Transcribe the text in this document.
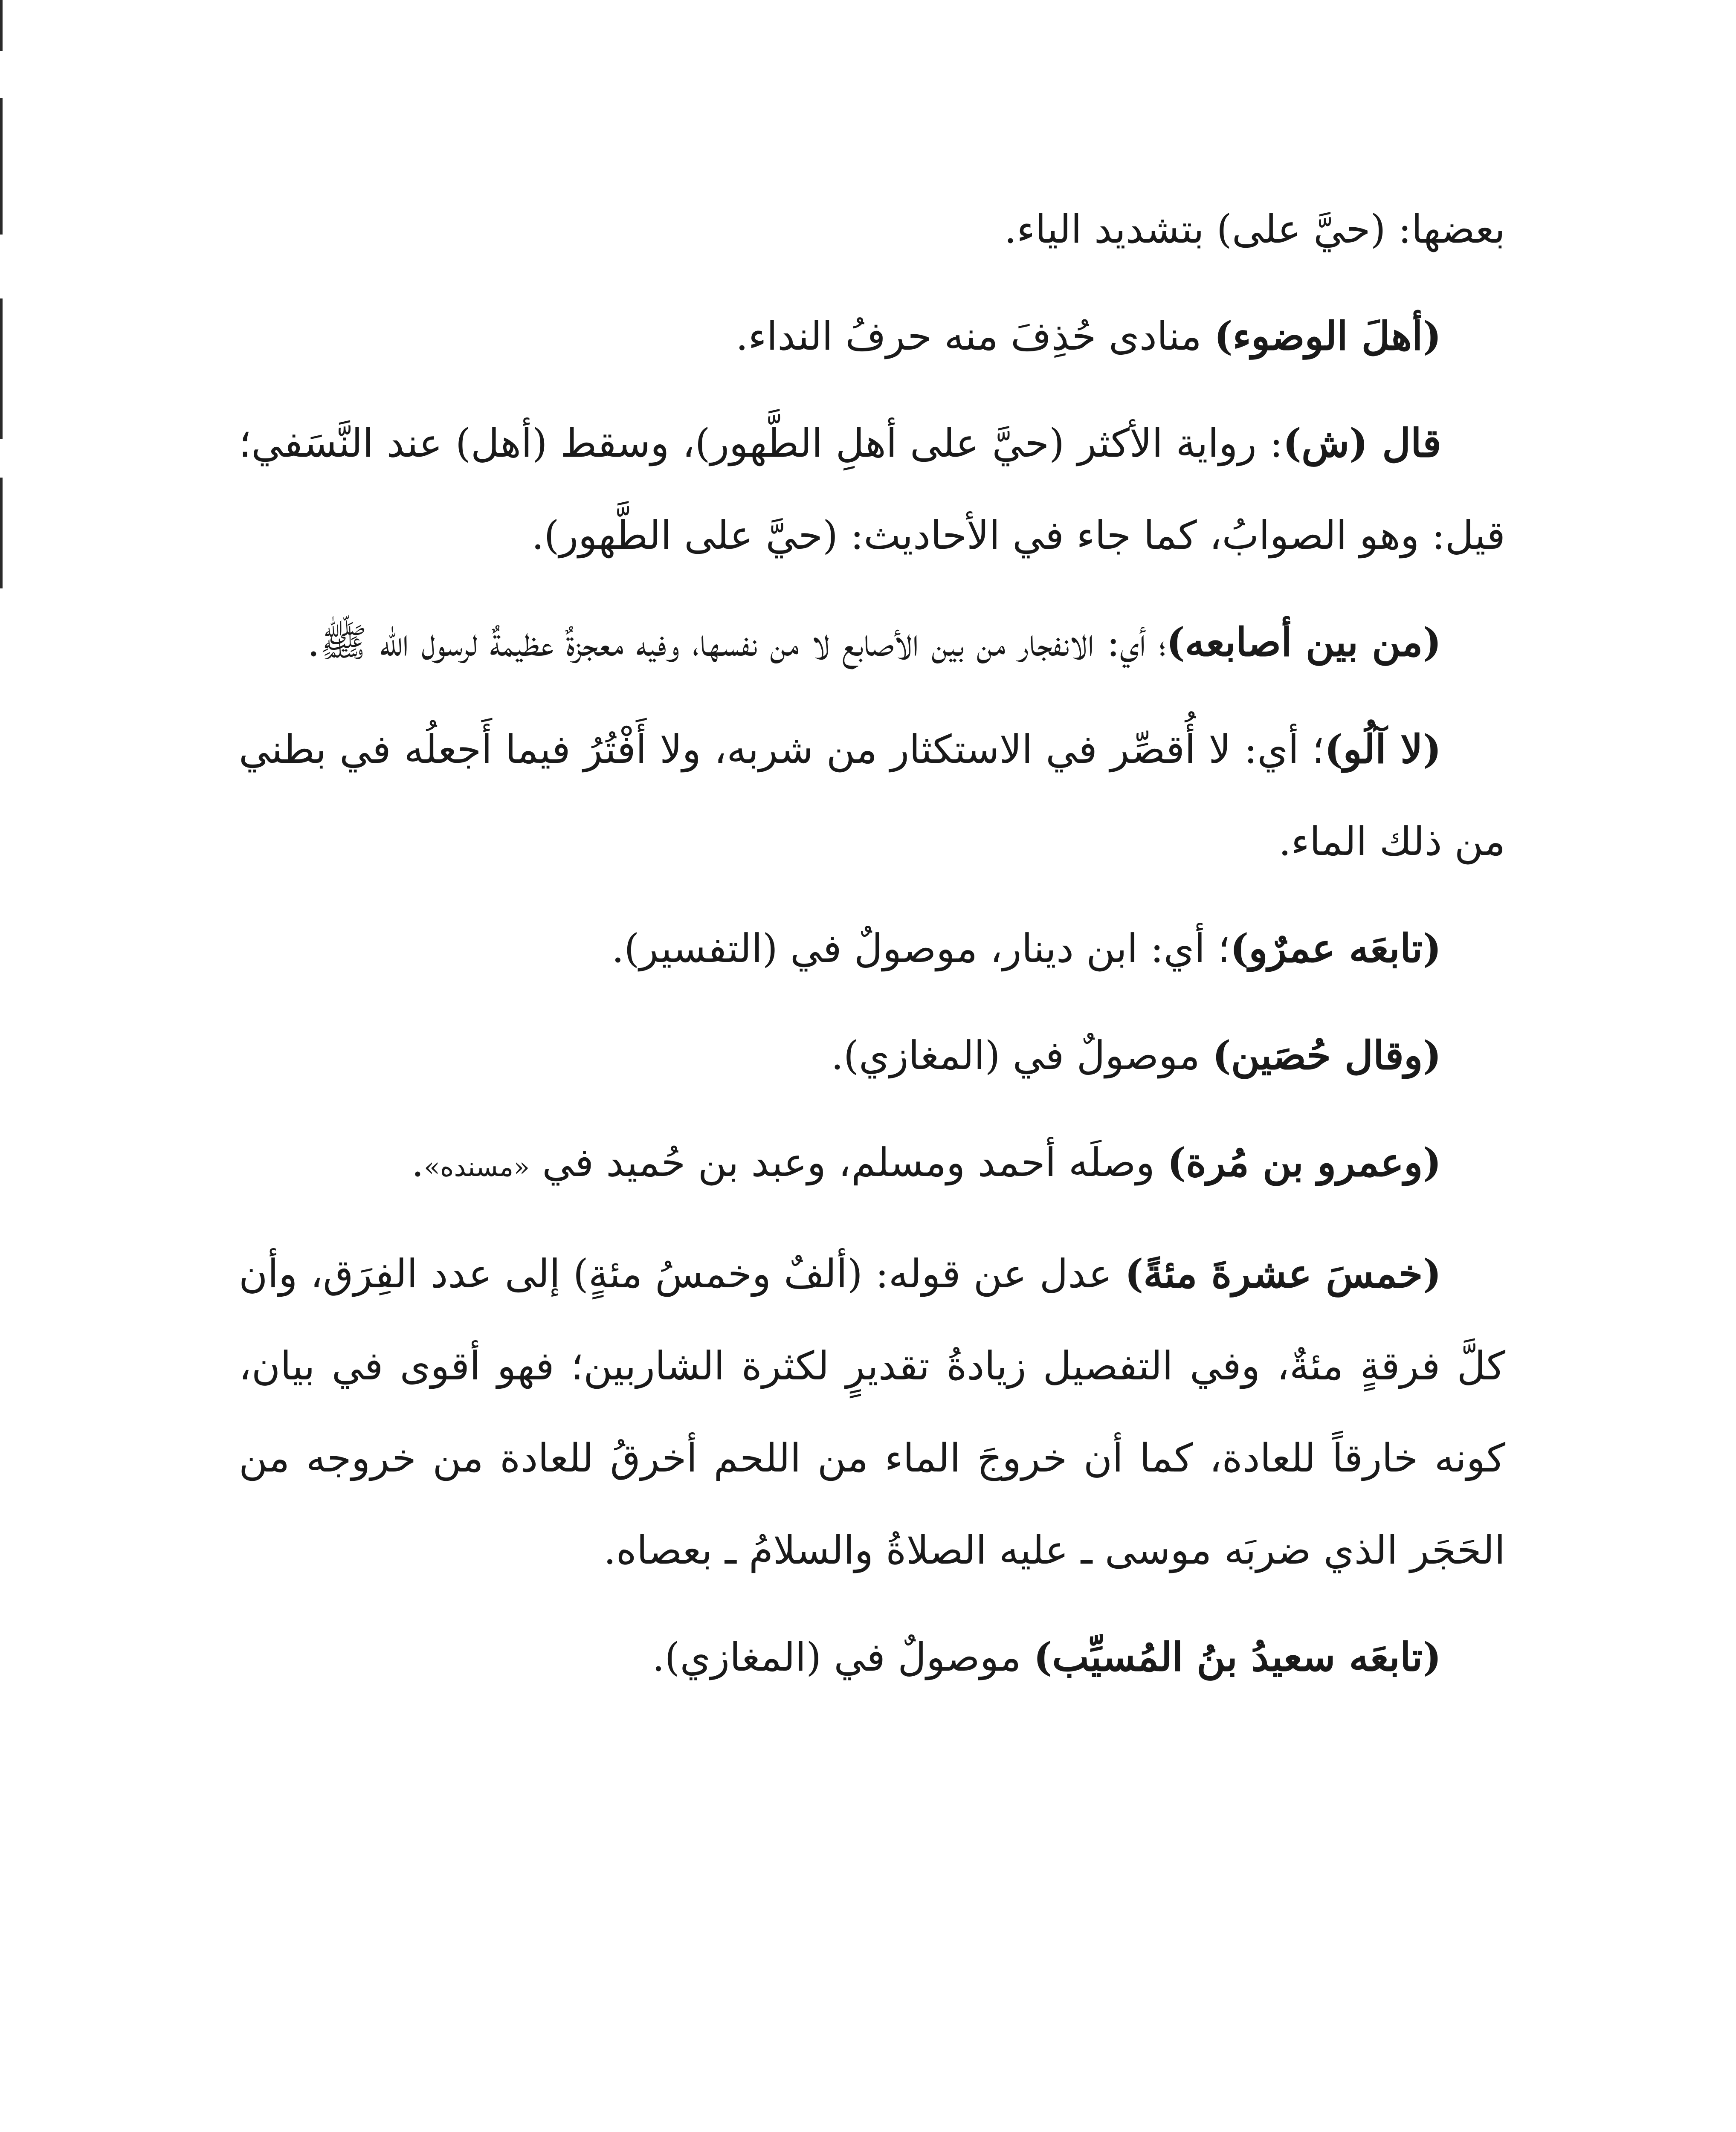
بعضها: (حيَّ على) بتشديد الياء.

(أهلَ الوضوء) منادى حُذِفَ منه حرفُ النداء.

قال (ش): رواية الأكثر (حيَّ على أهلِ الطَّهور)، وسقط (أهل) عند النَّسَفي؛ قيل: وهو الصوابُ، كما جاء في الأحاديث: (حيَّ على الطَّهور).

(من بين أصابعه)؛ أي: الانفجار من بين الأصابع لا من نفسها، وفيه معجزةٌ عظيمةٌ لرسول الله ﷺ.

(لا آلُو)؛ أي: لا أُقصِّر في الاستكثار من شربه، ولا أَفْتُرُ فيما أَجعلُه في بطني من ذلك الماء.

(تابعَه عمرٌو)؛ أي: ابن دينار، موصولٌ في (التفسير).

(وقال حُصَين) موصولٌ في (المغازي).

(وعمرو بن مُرة) وصلَه أحمد ومسلم، وعبد بن حُميد في «مسنده».

(خمسَ عشرةَ مئةً) عدل عن قوله: (ألفٌ وخمسُ مئةٍ) إلى عدد الفِرَق، وأن كلَّ فرقةٍ مئةٌ، وفي التفصيل زيادةُ تقديرٍ لكثرة الشاربين؛ فهو أقوى في بيان، كونه خارقاً للعادة، كما أن خروجَ الماء من اللحم أخرقُ للعادة من خروجه من الحَجَر الذي ضربَه موسى ـ عليه الصلاةُ والسلامُ ـ بعصاه.

(تابعَه سعيدُ بنُ المُسيِّب) موصولٌ في (المغازي).
